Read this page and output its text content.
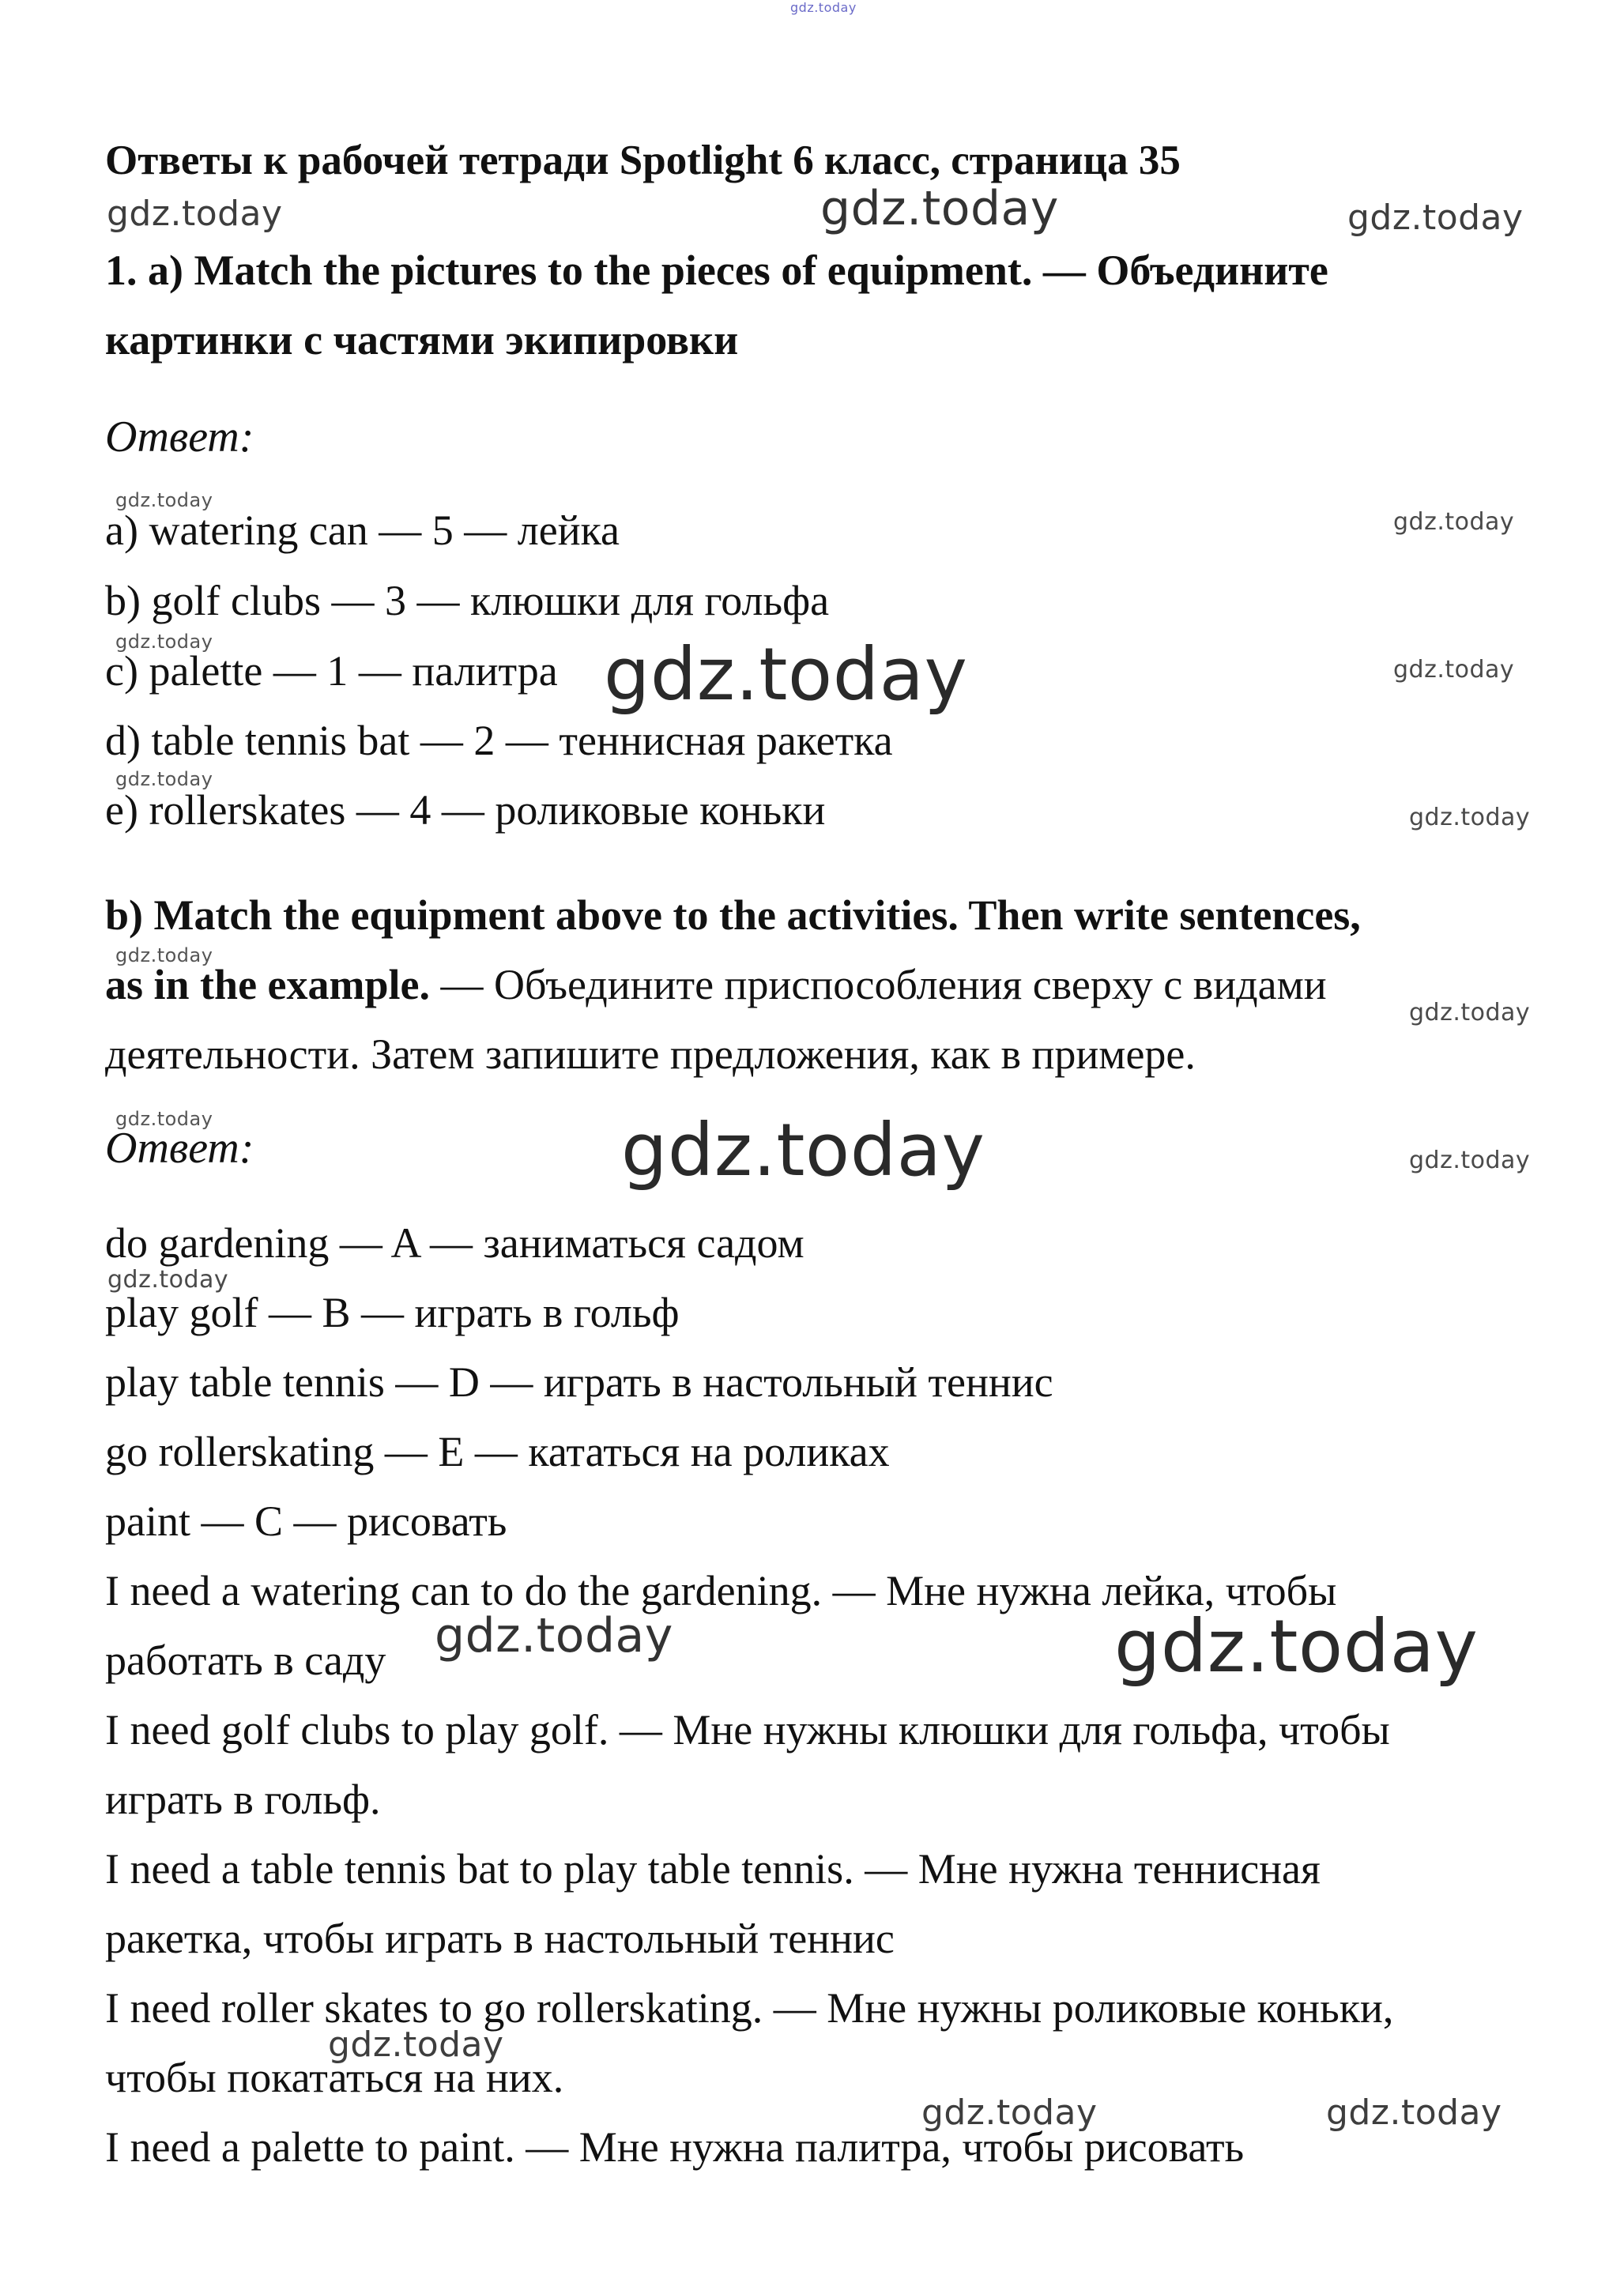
gdz.today
Ответы к рабочей тетради Spotlight 6 класс, страница 35
gdz.today	gdz.today	gdz.today
1. a) Match the pictures to the pieces of equipment. — Объедините
картинки с частями экипировки
Ответ:
gdz.today
gdz.today
a) watering can — 5 — лейка
b) golf clubs — 3 — клюшки для гольфа
gdz.today
c) palette — 1 — палитра gdz.today	gdz.today
d) table tennis bat — 2 — теннисная ракетка
gdz.today
e) rollerskates — 4 — роликовые коньки	gdz.today
b) Match the equipment above to the activities. Then write sentences,
gdz.today
as in the example. — Объедините приспособления сверху с видами
gdz.today
деятельности. Затем запишите предложения, как в примере.
gdz.today
Ответ:	gdz.today	gdz.today
do gardening — A — заниматься садом
gdz.today
play golf — B — играть в гольф
play table tennis — D — играть в настольный теннис
go rollerskating — E — кататься на роликах
paint — C — рисовать
I need a watering can to do the gardening. — Мне нужна лейка, чтобы
gdz.today
работать в саду	gdz.today
I need golf clubs to play golf. — Мне нужны клюшки для гольфа, чтобы
играть в гольф.
I need a table tennis bat to play table tennis. — Мне нужна теннисная
ракетка, чтобы играть в настольный теннис
I need roller skates to go rollerskating. — Мне нужны роликовые коньки,
gdz.today
чтобы покататься на них.
gdz.today	gdz.today
I need a palette to paint. — Мне нужна палитра, чтобы рисовать
